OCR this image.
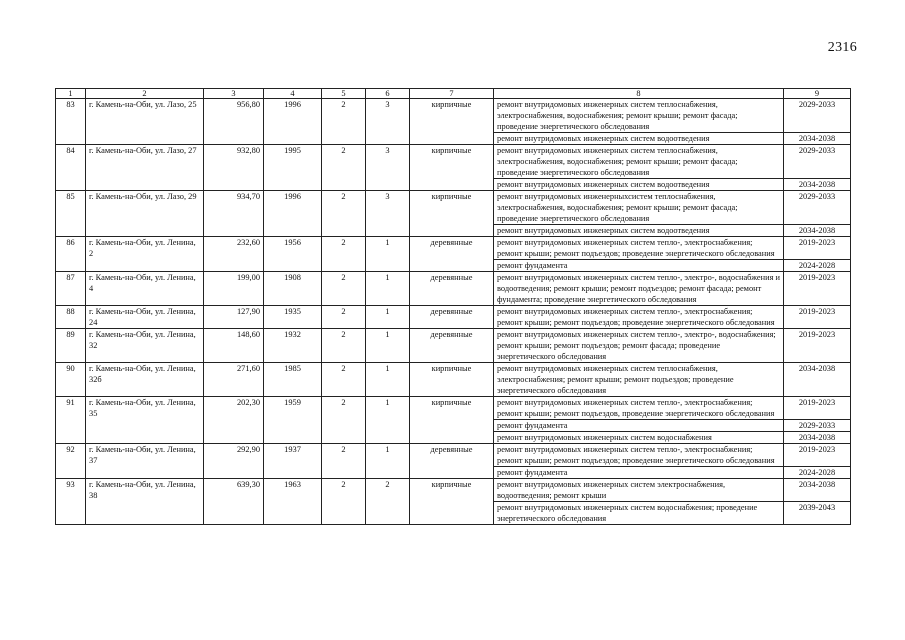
2316
1	2	3	4	5	6	7	8	9
83	г. Камень-на-Оби, ул. Лазо, 25	956,80	1996	2	3	кирпичные	ремонт внутридомовых инженерных систем теплоснабжения, электроснабжения, водоснабжения; ремонт крыши; ремонт фасада; проведение энергетического обследования	2029-2033
							ремонт внутридомовых инженерных систем водоотведения	2034-2038
84	г. Камень-на-Оби, ул. Лазо, 27	932,80	1995	2	3	кирпичные	ремонт внутридомовых инженерных систем теплоснабжения, электроснабжения, водоснабжения; ремонт крыши; ремонт фасада; проведение энергетического обследования	2029-2033
							ремонт внутридомовых инженерных систем водоотведения	2034-2038
85	г. Камень-на-Оби, ул. Лазо, 29	934,70	1996	2	3	кирпичные	ремонт внутридомовых инженерныхсистем теплоснабжения, электроснабжения, водоснабжения; ремонт крыши; ремонт фасада; проведение энергетического обследования	2029-2033
							ремонт внутридомовых инженерных систем водоотведения	2034-2038
86	г. Камень-на-Оби, ул. Ленина, 2	232,60	1956	2	1	деревянные	ремонт внутридомовых инженерных систем тепло-, электроснабжения; ремонт крыши; ремонт подъездов; проведение энергетического обследования	2019-2023
							ремонт фундамента	2024-2028
87	г. Камень-на-Оби, ул. Ленина, 4	199,00	1908	2	1	деревянные	ремонт внутридомовых инженерных систем тепло-, электро-, водоснабжения и водоотведения; ремонт крыши; ремонт подъездов; ремонт фасада; ремонт фундамента; проведение энергетического обследования	2019-2023
88	г. Камень-на-Оби, ул. Ленина, 24	127,90	1935	2	1	деревянные	ремонт внутридомовых инженерных систем тепло-, электроснабжения; ремонт крыши; ремонт подъездов; проведение энергетического обследования	2019-2023
89	г. Камень-на-Оби, ул. Ленина, 32	148,60	1932	2	1	деревянные	ремонт внутридомовых инженерных систем тепло-, электро-, водоснабжения; ремонт крыши; ремонт подъездов; ремонт фасада; проведение энергетического обследования	2019-2023
90	г. Камень-на-Оби, ул. Ленина, 32б	271,60	1985	2	1	кирпичные	ремонт внутридомовых инженерных систем теплоснабжения, электроснабжения; ремонт крыши; ремонт подъездов; проведение энергетического обследования	2034-2038
91	г. Камень-на-Оби, ул. Ленина, 35	202,30	1959	2	1	кирпичные	ремонт внутридомовых инженерных систем тепло-, электроснабжения; ремонт крыши; ремонт подъездов, проведение энергетического обследования	2019-2023
							ремонт фундамента	2029-2033
							ремонт внутридомовых инженерных систем водоснабжения	2034-2038
92	г. Камень-на-Оби, ул. Ленина, 37	292,90	1937	2	1	деревянные	ремонт внутридомовых инженерных систем тепло-, электроснабжения; ремонт крыши; ремонт подъездов; проведение энергетического обследования	2019-2023
							ремонт фундамента	2024-2028
93	г. Камень-на-Оби, ул. Ленина, 38	639,30	1963	2	2	кирпичные	ремонт внутридомовых инженерных систем электроснабжения, водоотведения; ремонт крыши	2034-2038
							ремонт внутридомовых инженерных систем водоснабжения; проведение энергетического обследования	2039-2043
